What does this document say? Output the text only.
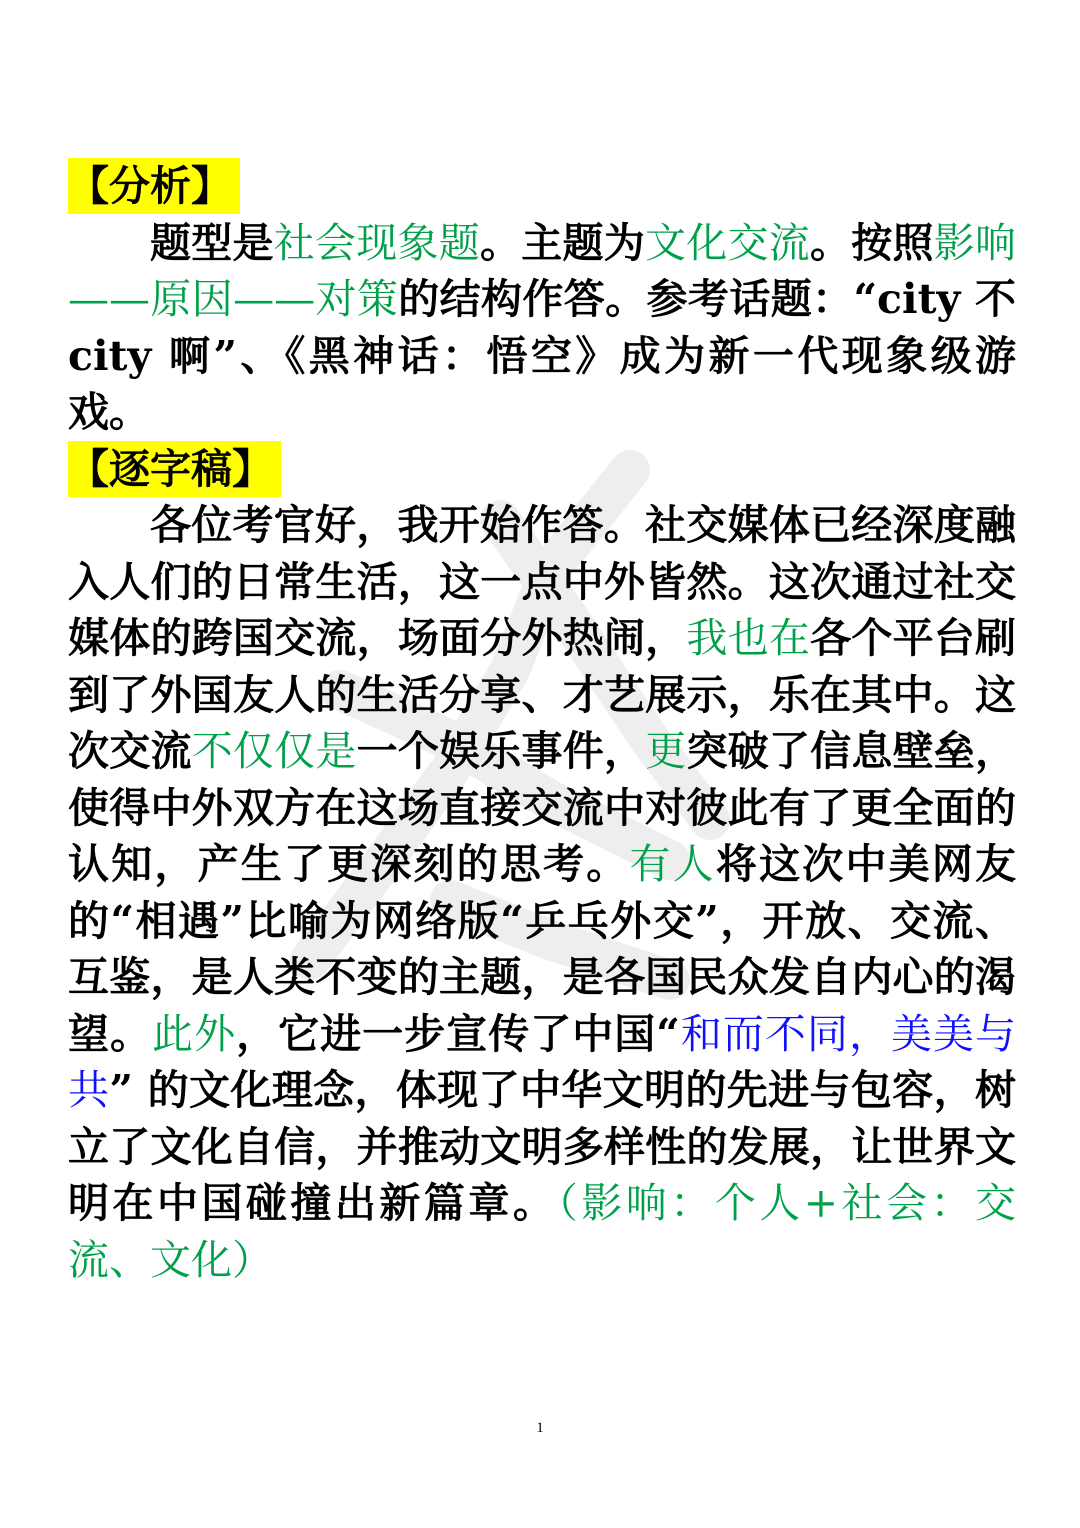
【分析】

题型是社会现象题。主题为文化交流。按照影响——原因——对策的结构作答。参考话题：“city 不 city 啊”、《黑神话：悟空》成为新一代现象级游戏。

【逐字稿】

各位考官好，我开始作答。社交媒体已经深度融入人们的日常生活，这一点中外皆然。这次通过社交媒体的跨国交流，场面分外热闹，我也在各个平台刷到了外国友人的生活分享、才艺展示，乐在其中。这次交流不仅仅是一个娱乐事件，更突破了信息壁垒，使得中外双方在这场直接交流中对彼此有了更全面的认知，产生了更深刻的思考。有人将这次中美网友的“相遇”比喻为网络版“乒乓外交”，开放、交流、互鉴，是人类不变的主题，是各国民众发自内心的渴望。此外，它进一步宣传了中国“和而不同，美美与共” 的文化理念，体现了中华文明的先进与包容，树立了文化自信，并推动文明多样性的发展，让世界文明在中国碰撞出新篇章。（影响：个人+社会：交流、文化）

1
